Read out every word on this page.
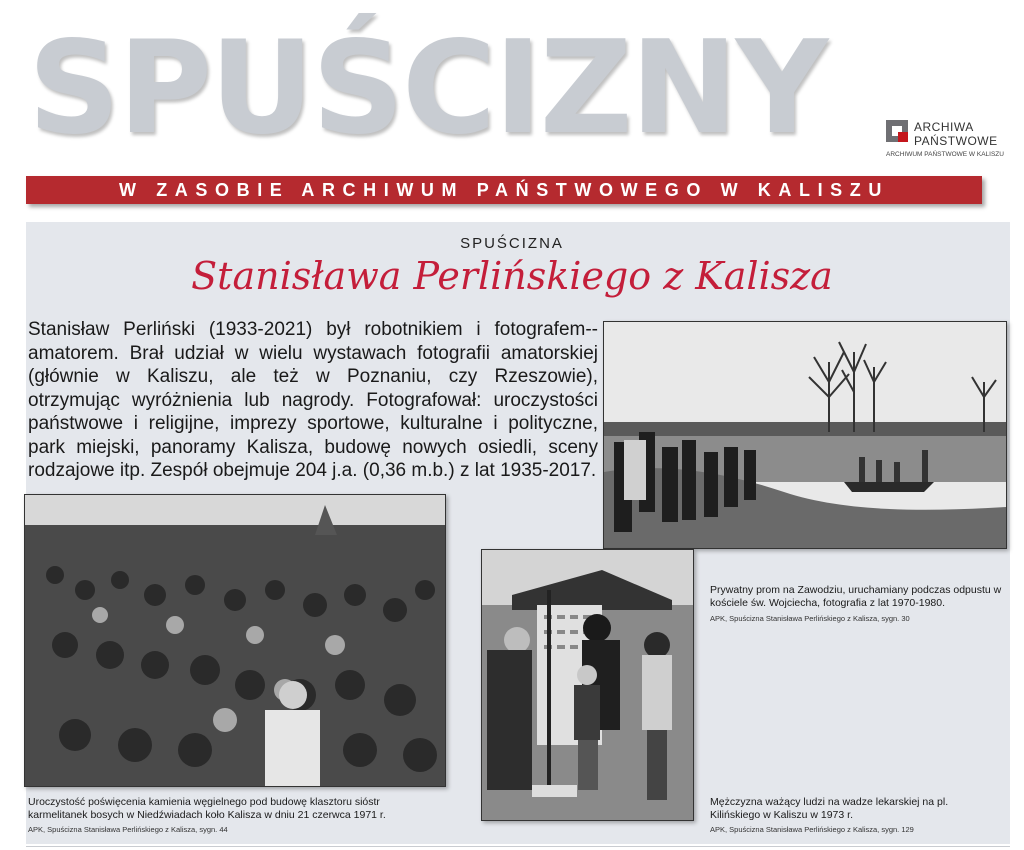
SPUŚCIZNY	ARCHIWA
PAŃSTWOWE
ARCHIWUM PAŃSTWOWE W KALISZU
W ZASOBIE ARCHIWUM PAŃSTWOWEGO W KALISZU
SPUŚCIZNA
Stanisława Perlińskiego z Kalisza

Stanisław Perliński (1933-2021) był robotnikiem i fotografem--amatorem. Brał udział w wielu wystawach fotografii amatorskiej (głównie w Kaliszu, ale też w Poznaniu, czy Rzeszowie), otrzymując wyróżnienia lub nagrody. Fotografował: uroczystości państwowe i religijne, imprezy sportowe, kulturalne i polityczne, park miejski, panoramy Kalisza, budowę nowych osiedli, sceny rodzajowe itp. Zespół obejmuje 204 j.a. (0,36 m.b.) z lat 1935-2017.

Prywatny prom na Zawodziu, uruchamiany podczas odpustu w kościele św. Wojciecha, fotografia z lat 1970-1980.
APK, Spuścizna Stanisława Perlińskiego z Kalisza, sygn. 30
Uroczystość poświęcenia kamienia węgielnego pod budowę klasztoru sióstr karmelitanek bosych w Niedźwiadach koło Kalisza w dniu 21 czerwca 1971 r.
APK, Spuścizna Stanisława Perlińskiego z Kalisza, sygn. 44
Mężczyzna ważący ludzi na wadze lekarskiej na pl. Kilińskiego w Kaliszu w 1973 r.
APK, Spuścizna Stanisława Perlińskiego z Kalisza, sygn. 129
